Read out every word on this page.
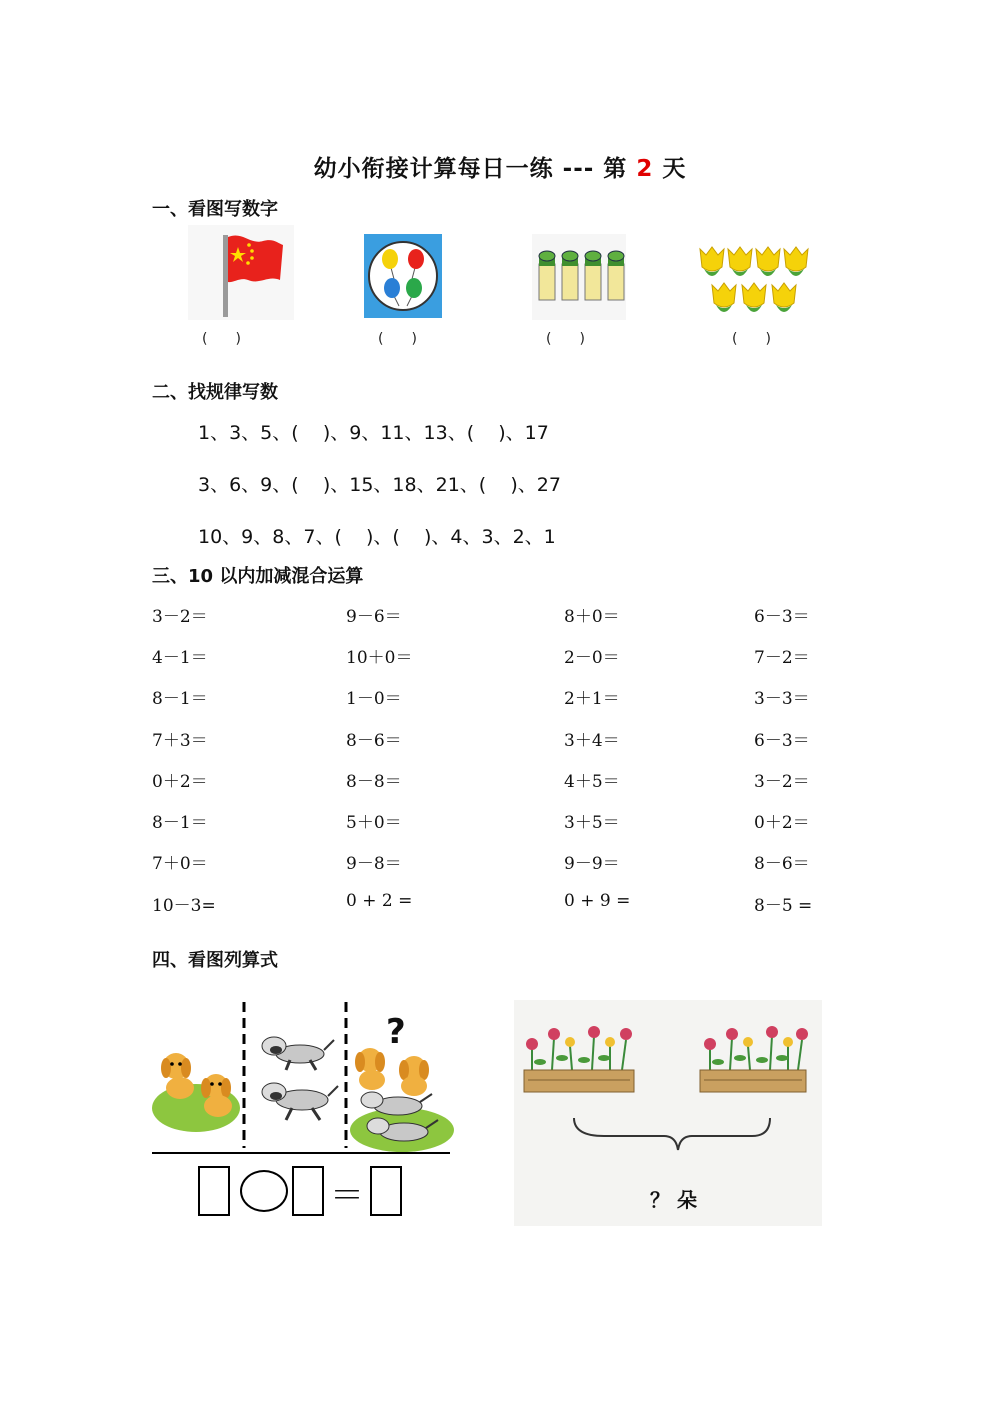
幼小衔接计算每日一练 --- 第 2 天
一、看图写数字
(　　)	(　　)	(　　)	(　　)
二、找规律写数
1、3、5、(    )、9、11、13、(    )、17
3、6、9、(    )、15、18、21、(    )、27
10、9、8、7、(    )、(    )、4、3、2、1
三、10 以内加减混合运算
3－2＝	9－6＝	8＋0＝	6－3＝
4－1＝	10＋0＝	2－0＝	7－2＝
8－1＝	1－0＝	2＋1＝	3－3＝
7＋3＝	8－6＝	3＋4＝	6－3＝
0＋2＝	8－8＝	4＋5＝	3－2＝
8－1＝	5＋0＝	3＋5＝	0＋2＝
7＋0＝	9－8＝	9－9＝	8－6＝
10－3=	0 + 2 =	0 + 9 =	8－5 =
四、看图列算式
?
＝	？ 朵
